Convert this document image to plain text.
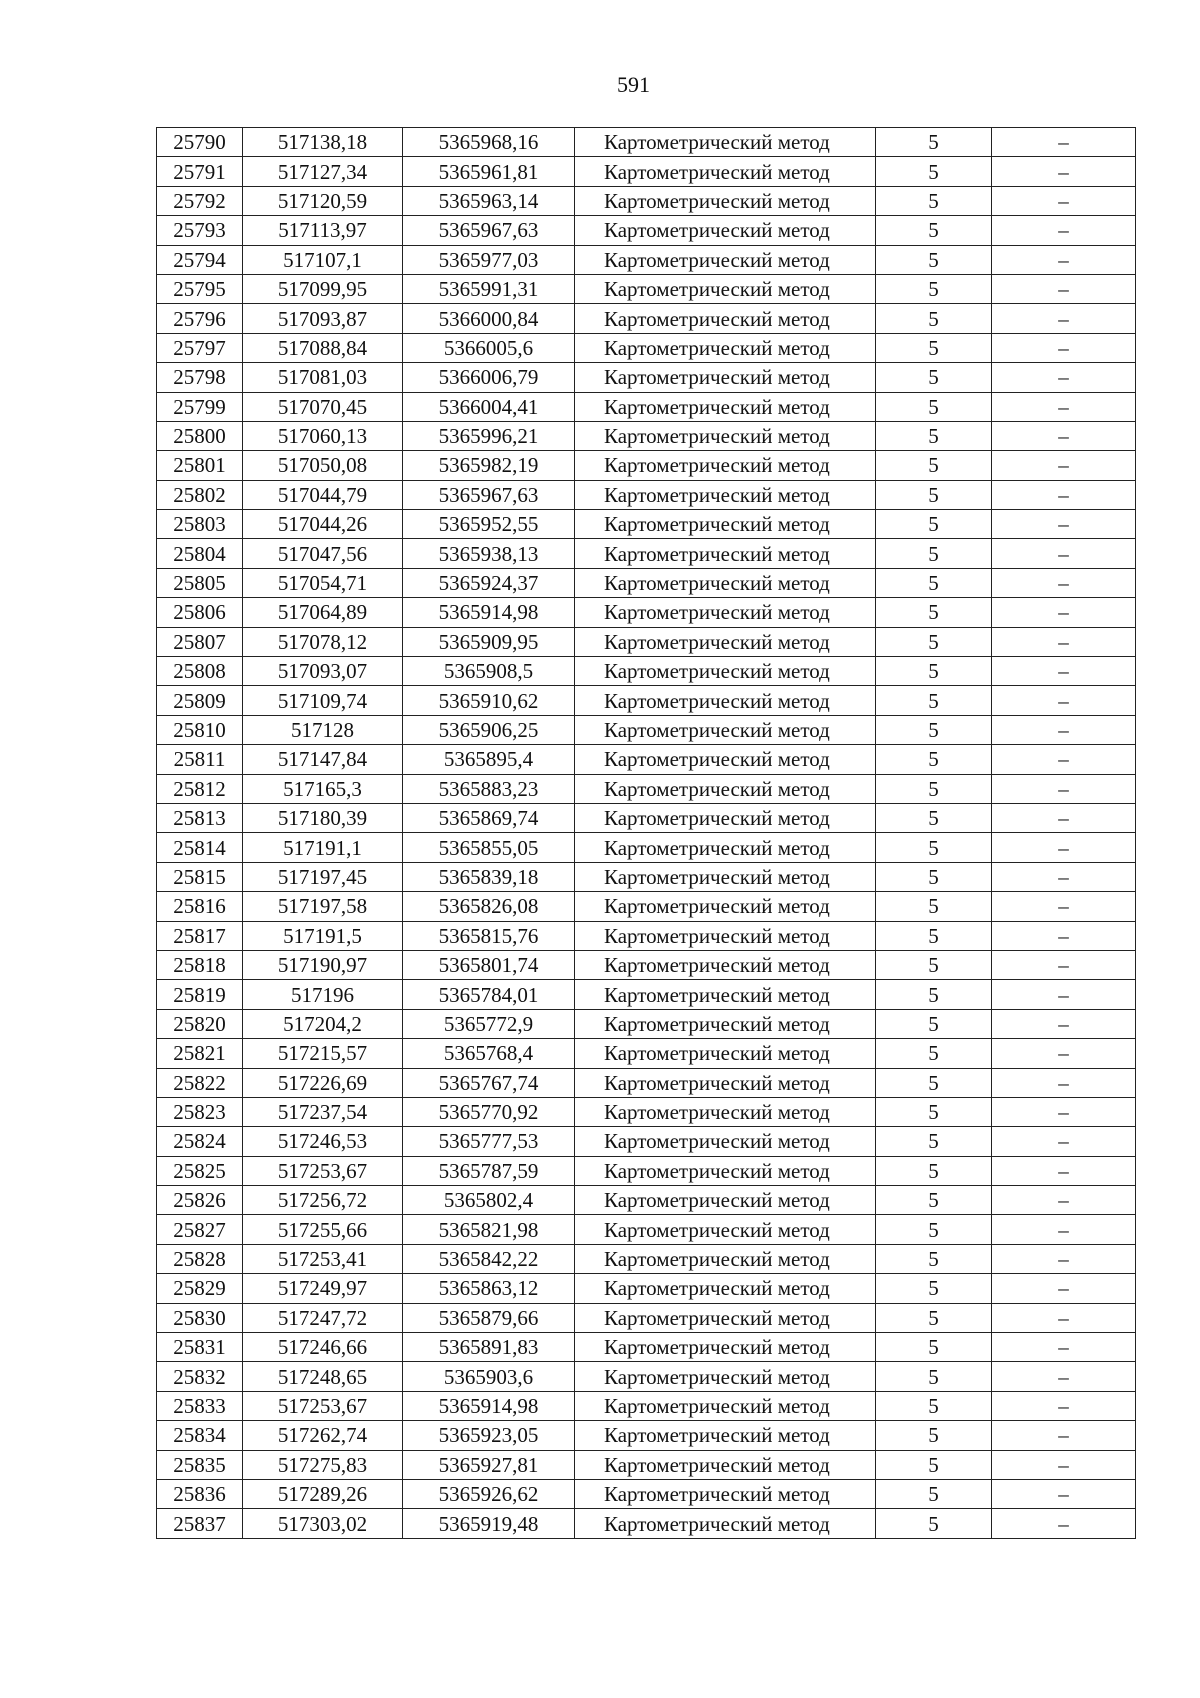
591
25790	517138,18	5365968,16	Картометрический метод	5	–
25791	517127,34	5365961,81	Картометрический метод	5	–
25792	517120,59	5365963,14	Картометрический метод	5	–
25793	517113,97	5365967,63	Картометрический метод	5	–
25794	517107,1	5365977,03	Картометрический метод	5	–
25795	517099,95	5365991,31	Картометрический метод	5	–
25796	517093,87	5366000,84	Картометрический метод	5	–
25797	517088,84	5366005,6	Картометрический метод	5	–
25798	517081,03	5366006,79	Картометрический метод	5	–
25799	517070,45	5366004,41	Картометрический метод	5	–
25800	517060,13	5365996,21	Картометрический метод	5	–
25801	517050,08	5365982,19	Картометрический метод	5	–
25802	517044,79	5365967,63	Картометрический метод	5	–
25803	517044,26	5365952,55	Картометрический метод	5	–
25804	517047,56	5365938,13	Картометрический метод	5	–
25805	517054,71	5365924,37	Картометрический метод	5	–
25806	517064,89	5365914,98	Картометрический метод	5	–
25807	517078,12	5365909,95	Картометрический метод	5	–
25808	517093,07	5365908,5	Картометрический метод	5	–
25809	517109,74	5365910,62	Картометрический метод	5	–
25810	517128	5365906,25	Картометрический метод	5	–
25811	517147,84	5365895,4	Картометрический метод	5	–
25812	517165,3	5365883,23	Картометрический метод	5	–
25813	517180,39	5365869,74	Картометрический метод	5	–
25814	517191,1	5365855,05	Картометрический метод	5	–
25815	517197,45	5365839,18	Картометрический метод	5	–
25816	517197,58	5365826,08	Картометрический метод	5	–
25817	517191,5	5365815,76	Картометрический метод	5	–
25818	517190,97	5365801,74	Картометрический метод	5	–
25819	517196	5365784,01	Картометрический метод	5	–
25820	517204,2	5365772,9	Картометрический метод	5	–
25821	517215,57	5365768,4	Картометрический метод	5	–
25822	517226,69	5365767,74	Картометрический метод	5	–
25823	517237,54	5365770,92	Картометрический метод	5	–
25824	517246,53	5365777,53	Картометрический метод	5	–
25825	517253,67	5365787,59	Картометрический метод	5	–
25826	517256,72	5365802,4	Картометрический метод	5	–
25827	517255,66	5365821,98	Картометрический метод	5	–
25828	517253,41	5365842,22	Картометрический метод	5	–
25829	517249,97	5365863,12	Картометрический метод	5	–
25830	517247,72	5365879,66	Картометрический метод	5	–
25831	517246,66	5365891,83	Картометрический метод	5	–
25832	517248,65	5365903,6	Картометрический метод	5	–
25833	517253,67	5365914,98	Картометрический метод	5	–
25834	517262,74	5365923,05	Картометрический метод	5	–
25835	517275,83	5365927,81	Картометрический метод	5	–
25836	517289,26	5365926,62	Картометрический метод	5	–
25837	517303,02	5365919,48	Картометрический метод	5	–
